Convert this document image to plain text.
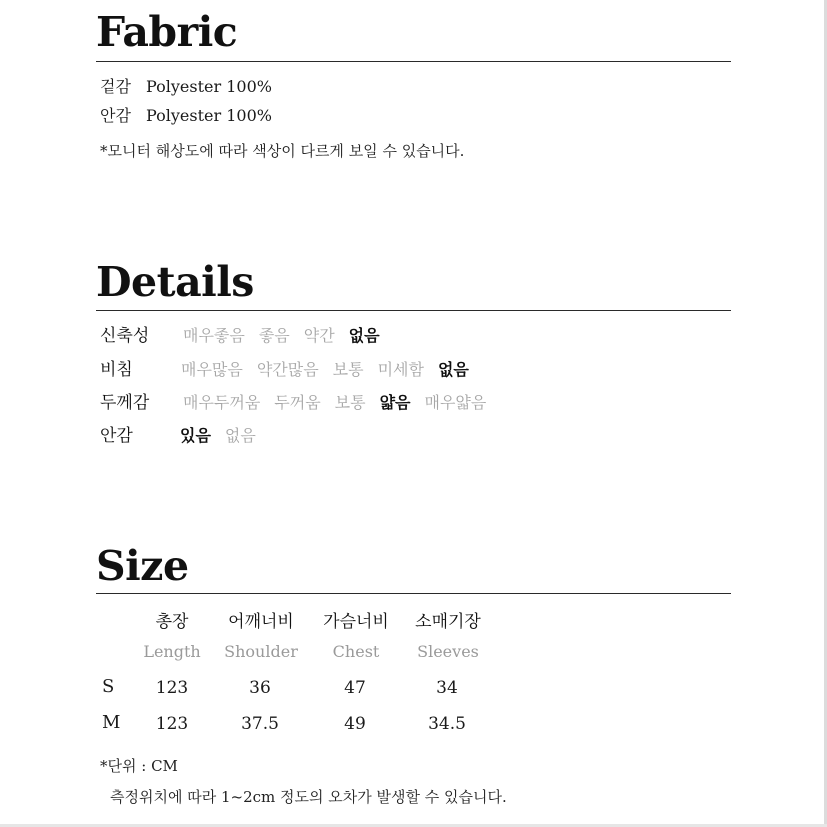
Fabric
겉감 Polyester 100%
안감 Polyester 100%
*모니터 해상도에 따라 색상이 다르게 보일 수 있습니다.
Details
신축성 매우좋음 좋음 약간 없음
비침	매우많음 약간많음 보통 미세함 없음
두께감 매우두꺼움 두꺼움 보통 얇음 매우얇음
안감	있음 없음
Size
총장 어깨너비 가슴너비 소매기장
Length Shoulder Chest Sleeves
S 123	36	47	34
M 123	37.5	49	34.5
*단위 : CM
측정위치에 따라 1~2cm 정도의 오차가 발생할 수 있습니다.
